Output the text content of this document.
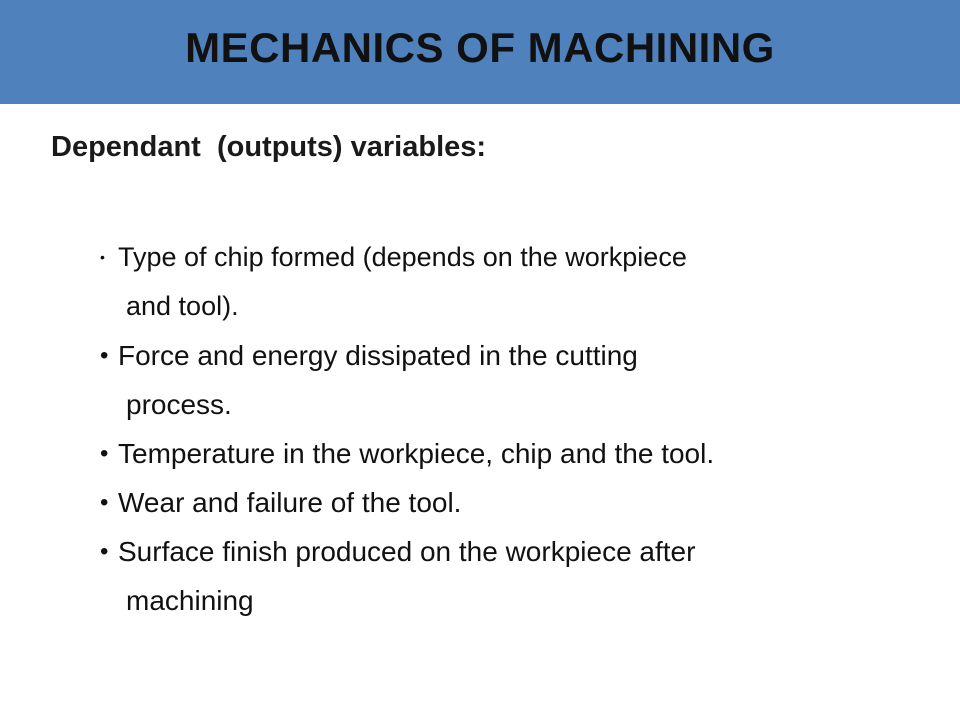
MECHANICS OF MACHINING
Dependant  (outputs) variables:
• Type of chip formed (depends on the workpiece
and tool).
• Force and energy dissipated in the cutting
process.
• Temperature in the workpiece, chip and the tool.
• Wear and failure of the tool.
• Surface finish produced on the workpiece after
machining
